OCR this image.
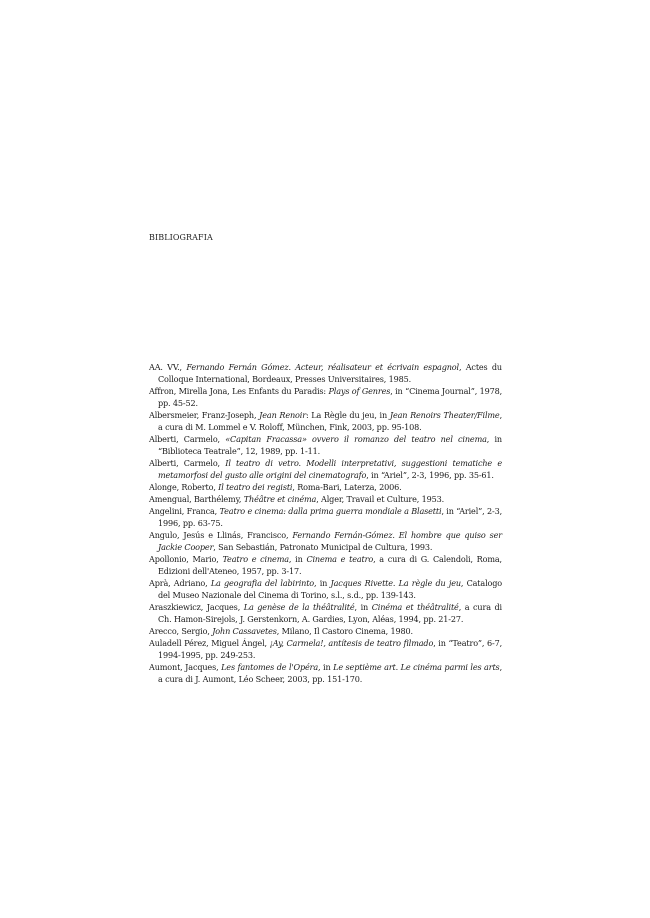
BIBLIOGRAFIA

AA. VV., Fernando Fernán Gómez. Acteur, réalisateur et écrivain espagnol, Actes du Colloque International, Bordeaux, Presses Universitaires, 1985.

Affron, Mirella Jona, Les Enfants du Paradis: Plays of Genres, in “Cinema Journal”, 1978, pp. 45-52.

Albersmeier, Franz-Joseph, Jean Renoir: La Règle du jeu, in Jean Renoirs Theater/Filme, a cura di M. Lommel e V. Roloff, München, Fink, 2003, pp. 95-108.

Alberti, Carmelo, «Capitan Fracassa» ovvero il romanzo del teatro nel cinema, in “Biblioteca Teatrale”, 12, 1989, pp. 1-11.

Alberti, Carmelo, Il teatro di vetro. Modelli interpretativi, suggestioni tematiche e metamorfosi del gusto alle origini del cinematografo, in “Ariel”, 2-3, 1996, pp. 35-61.

Alonge, Roberto, Il teatro dei registi, Roma-Bari, Laterza, 2006.

Amengual, Barthélemy, Théâtre et cinéma, Alger, Travail et Culture, 1953.

Angelini, Franca, Teatro e cinema: dalla prima guerra mondiale a Blasetti, in “Ariel”, 2-3, 1996, pp. 63-75.

Angulo, Jesús e Llinás, Francisco, Fernando Fernán-Gómez. El hombre que quiso ser Jackie Cooper, San Sebastián, Patronato Municipal de Cultura, 1993.

Apollonio, Mario, Teatro e cinema, in Cinema e teatro, a cura di G. Calendoli, Roma, Edizioni dell'Ateneo, 1957, pp. 3-17.

Aprà, Adriano, La geografia del labirinto, in Jacques Rivette. La règle du jeu, Catalogo del Museo Nazionale del Cinema di Torino, s.l., s.d., pp. 139-143.

Araszkiewicz, Jacques, La genèse de la théâtralité, in Cinéma et théâtralité, a cura di Ch. Hamon-Sirejols, J. Gerstenkorn, A. Gardies, Lyon, Aléas, 1994, pp. 21-27.

Arecco, Sergio, John Cassavetes, Milano, Il Castoro Cinema, 1980.

Auladell Pérez, Miguel Ángel, ¡Ay, Carmela!, antítesis de teatro filmado, in “Teatro”, 6-7, 1994-1995, pp. 249-253.

Aumont, Jacques, Les fantomes de l'Opéra, in Le septième art. Le cinéma parmi les arts, a cura di J. Aumont, Léo Scheer, 2003, pp. 151-170.
